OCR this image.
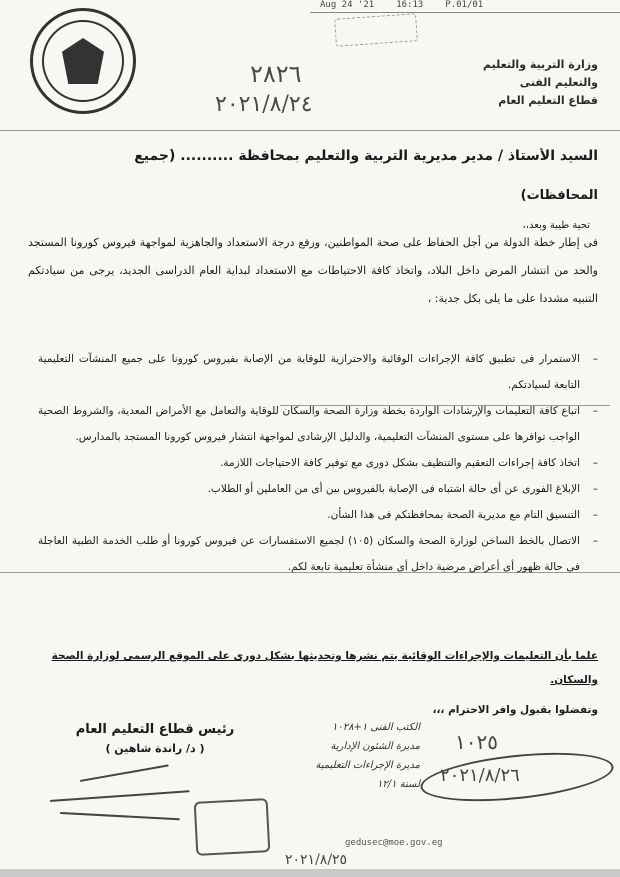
Aug 24 '21 16:13 P.01/01
وزارة التربية والتعليم
والتعليم الفنى
قطاع التعليم العام
٢٨٢٦
٢٠٢١/٨/٢٤
السيد الأستاذ / مدير مديرية التربية والتعليم بمحافظة .......... (جميع
المحافظات)
تحية طيبة وبعد،،
فى إطار خطة الدولة من أجل الحفاظ على صحة المواطنين، ورفع درجة الاستعداد والجاهزية لمواجهة فيروس كورونا المستجد والحد من انتشار المرض داخل البلاد، واتخاذ كافة الاحتياطات مع الاستعداد لبداية العام الدراسى الجديد، يرجى من سيادتكم التنبيه مشددا على ما يلى بكل جدية: ،
– الاستمرار فى تطبيق كافة الإجراءات الوقائية والاحترازية للوقاية من الإصابة بفيروس كورونا على جميع المنشآت التعليمية التابعة لسيادتكم.
– اتباع كافة التعليمات والإرشادات الواردة بخطة وزارة الصحة والسكان للوقاية والتعامل مع الأمراض المعدية، والشروط الصحية الواجب توافرها على مستوى المنشآت التعليمية، والدليل الإرشادى لمواجهة انتشار فيروس كورونا المستجد بالمدارس.
– اتخاذ كافة إجراءات التعقيم والتنظيف بشكل دورى مع توفير كافة الاحتياجات اللازمة.
– الإبلاغ الفورى عن أى حالة اشتباه فى الإصابة بالفيروس بين أى من العاملين أو الطلاب.
– التنسيق التام مع مديرية الصحة بمحافظتكم فى هذا الشأن.
– الاتصال بالخط الساخن لوزارة الصحة والسكان (١٠٥) لجميع الاستفسارات عن فيروس كورونا أو طلب الخدمة الطبية العاجلة فى حالة ظهور أى أعراض مرضية داخل أى منشأة تعليمية تابعة لكم.
علما بأن التعليمات والإجراءات الوقائية يتم نشرها وتحديثها بشكل دورى على الموقع الرسمى لوزارة الصحة والسكان.
وتفضلوا بقبول وافر الاحترام ،،،
رئيس قطاع التعليم العام
( د/ راندة شاهين )
الكتب الفنى ١+١٠٢٨
مديرة الشئون الإدارية
مديرة الإجراءات التعليمية
لسنة ١٢/١
١٠٢٥
٢٠٢١/٨/٢٦
gedusec@moe.gov.eg
٢٠٢١/٨/٢٥
